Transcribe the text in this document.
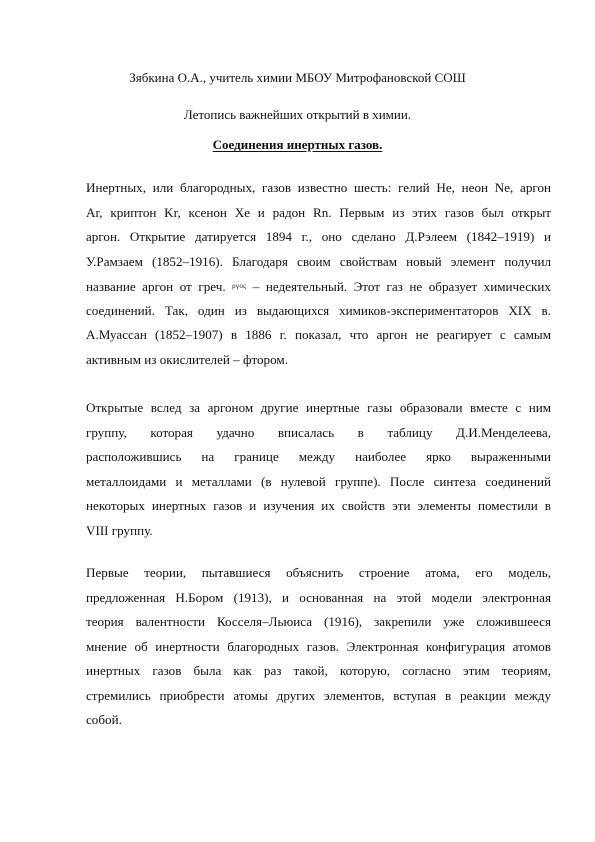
Зябкина О.А., учитель химии МБОУ Митрофановской СОШ
Летопись важнейших открытий в химии.
Соединения инертных газов.
Инертных, или благородных, газов известно шесть: гелий He, неон Ne, аргон
Ar, криптон Kr, ксенон Xe и радон Rn. Первым из этих газов был открыт
аргон. Открытие датируется 1894 г., оно сделано Д.Рэлеем (1842–1919) и
У.Рамзаем (1852–1916). Благодаря своим свойствам новый элемент получил
название аргон от греч. $^{\rho\gamma o\varsigma}$ – недеятельный. Этот газ не образует химических
соединений. Так, один из выдающихся химиков-экспериментаторов XIX в.
А.Муассан (1852–1907) в 1886 г. показал, что аргон не реагирует с самым
активным из окислителей – фтором.
Открытые вслед за аргоном другие инертные газы образовали вместе с ним
группу, которая удачно вписалась в таблицу Д.И.Менделеева,
расположившись на границе между наиболее ярко выраженными
металлоидами и металлами (в нулевой группе). После синтеза соединений
некоторых инертных газов и изучения их свойств эти элементы поместили в
VIII группу.
Первые теории, пытавшиеся объяснить строение атома, его модель,
предложенная Н.Бором (1913), и основанная на этой модели электронная
теория валентности Косселя–Льюиса (1916), закрепили уже сложившееся
мнение об инертности благородных газов. Электронная конфигурация атомов
инертных газов была как раз такой, которую, согласно этим теориям,
стремились приобрести атомы других элементов, вступая в реакции между
собой.
